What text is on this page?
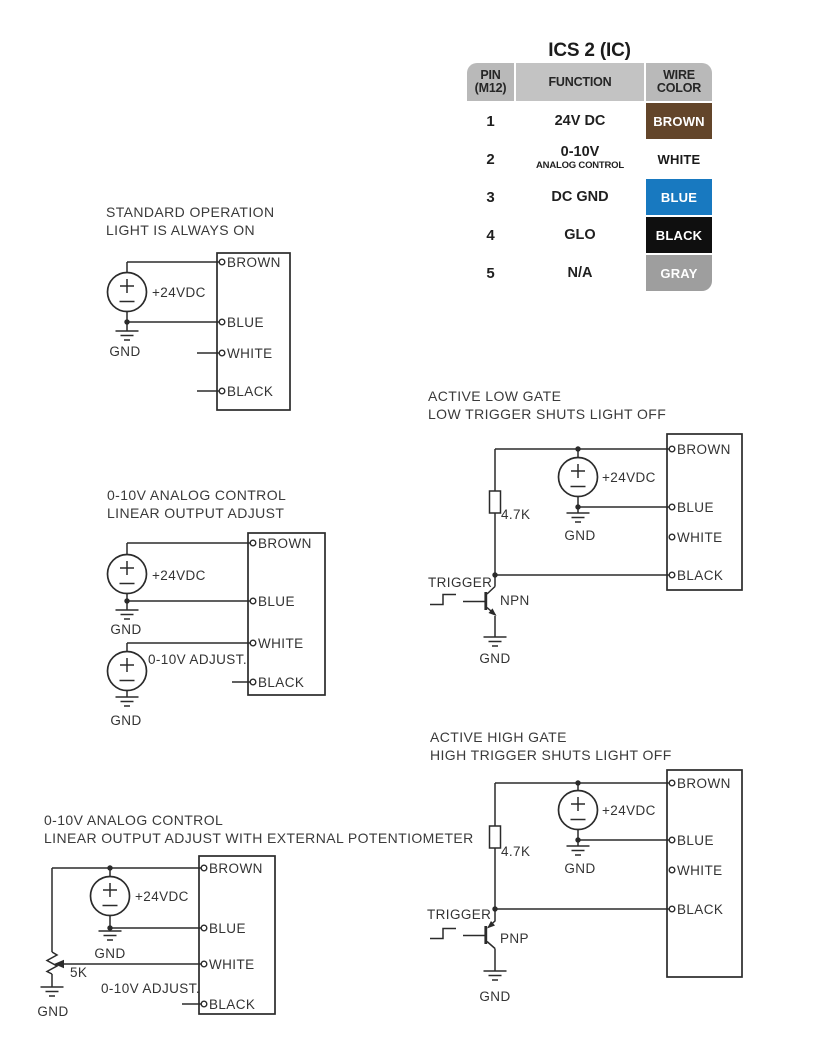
ICS 2 (IC)
PIN (M12)	FUNCTION	WIRE COLOR
1	24V DC	BROWN
2	0-10V
ANALOG CONTROL	WHITE
3	DC GND	BLUE
4	GLO	BLACK
5	N/A	GRAY
STANDARD OPERATION
LIGHT IS ALWAYS ON
BROWN
BLUE
WHITE
BLACK
+24VDC
GND
0-10V ANALOG CONTROL
LINEAR OUTPUT ADJUST
BROWN
BLUE
WHITE
BLACK
+24VDC
0-10V ADJUST.
GND
GND
0-10V ANALOG CONTROL
LINEAR OUTPUT ADJUST WITH EXTERNAL POTENTIOMETER
BROWN
BLUE
WHITE
BLACK
+24VDC
5K
0-10V ADJUST.
GND
GND
ACTIVE LOW GATE
LOW TRIGGER SHUTS LIGHT OFF
BROWN
BLUE
WHITE
BLACK
+24VDC
4.7K
TRIGGER
NPN
GND
GND
ACTIVE HIGH GATE
HIGH TRIGGER SHUTS LIGHT OFF
BROWN
BLUE
WHITE
BLACK
+24VDC
4.7K
TRIGGER
PNP
GND
GND
